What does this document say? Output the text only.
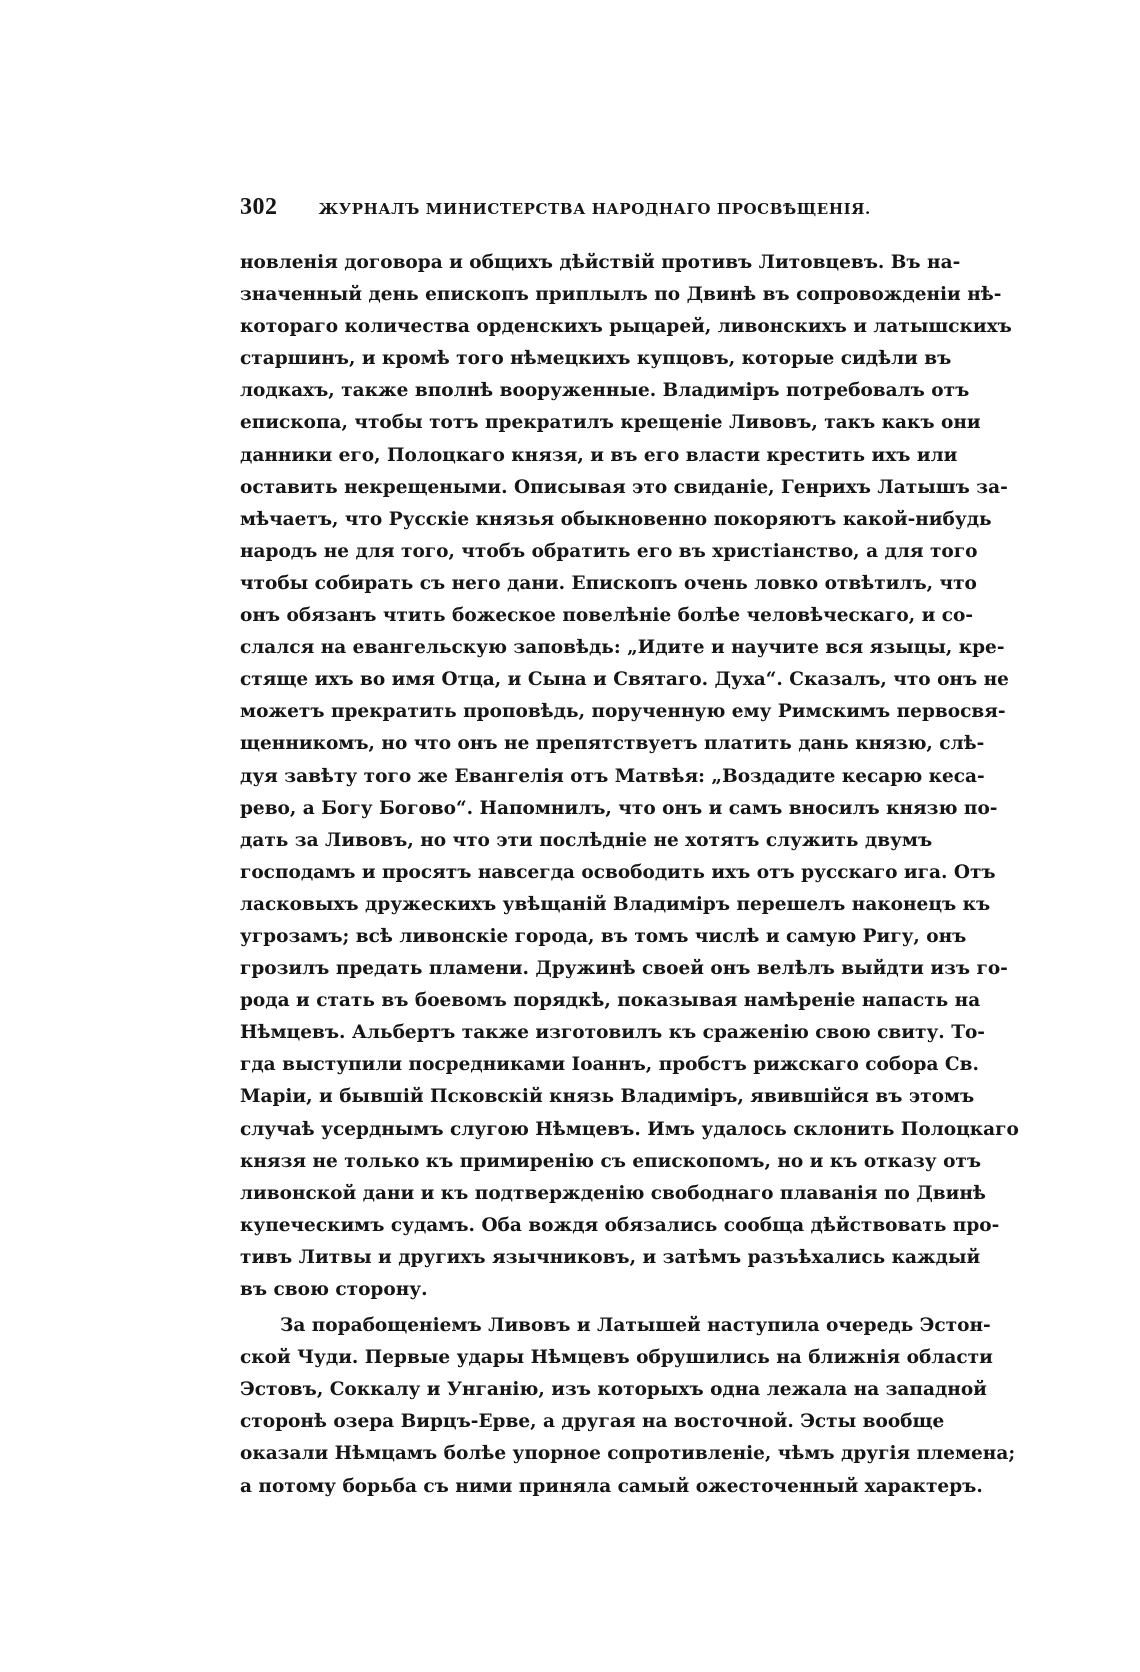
302	ЖУРНАЛЪ МИНИСТЕРСТВА НАРОДНАГО ПРОСВѢЩЕНІЯ.
новленія договора и общихъ дѣйствій противъ Литовцевъ. Въ на-
значенный день епископъ приплылъ по Двинѣ въ сопровожденіи нѣ-
котораго количества орденскихъ рыцарей, ливонскихъ и латышскихъ
старшинъ, и кромѣ того нѣмецкихъ купцовъ, которые сидѣли въ
лодкахъ, также вполнѣ вооруженные. Владиміръ потребовалъ отъ
епископа, чтобы тотъ прекратилъ крещеніе Ливовъ, такъ какъ они
данники его, Полоцкаго князя, и въ его власти крестить ихъ или
оставить некрещеными. Описывая это свиданіе, Генрихъ Латышъ за-
мѣчаетъ, что Русскіе князья обыкновенно покоряютъ какой-нибудь
народъ не для того, чтобъ обратить его въ христіанство, а для того
чтобы собирать съ него дани. Епископъ очень ловко отвѣтилъ, что
онъ обязанъ чтить божеское повелѣніе болѣе человѣческаго, и со-
слался на евангельскую заповѣдь: „Идите и научите вся языцы, кре-
стяще ихъ во имя Отца, и Сына и Святаго. Духа“. Сказалъ, что онъ не
можетъ прекратить проповѣдь, порученную ему Римскимъ первосвя-
щенникомъ, но что онъ не препятствуетъ платить дань князю, слѣ-
дуя завѣту того же Евангелія отъ Матвѣя: „Воздадите кесарю кеса-
рево, а Богу Богово“. Напомнилъ, что онъ и самъ вносилъ князю по-
дать за Ливовъ, но что эти послѣдніе не хотятъ служить двумъ
господамъ и просятъ навсегда освободить ихъ отъ русскаго ига. Отъ
ласковыхъ дружескихъ увѣщаній Владиміръ перешелъ наконецъ къ
угрозамъ; всѣ ливонскіе города, въ томъ числѣ и самую Ригу, онъ
грозилъ предать пламени. Дружинѣ своей онъ велѣлъ выйдти изъ го-
рода и стать въ боевомъ порядкѣ, показывая намѣреніе напасть на
Нѣмцевъ. Альбертъ также изготовилъ къ сраженію свою свиту. То-
гда выступили посредниками Іоаннъ, пробстъ рижскаго собора Св.
Маріи, и бывшій Псковскій князь Владиміръ, явившійся въ этомъ
случаѣ усерднымъ слугою Нѣмцевъ. Имъ удалось склонить Полоцкаго
князя не только къ примиренію съ епископомъ, но и къ отказу отъ
ливонской дани и къ подтвержденію свободнаго плаванія по Двинѣ
купеческимъ судамъ. Оба вождя обязались сообща дѣйствовать про-
тивъ Литвы и другихъ язычниковъ, и затѣмъ разъѣхались каждый
въ свою сторону.
За порабощеніемъ Ливовъ и Латышей наступила очередь Эстон-
ской Чуди. Первые удары Нѣмцевъ обрушились на ближнія области
Эстовъ, Соккалу и Унганію, изъ которыхъ одна лежала на западной
сторонѣ озера Вирцъ-Ерве, а другая на восточной. Эсты вообще
оказали Нѣмцамъ болѣе упорное сопротивленіе, чѣмъ другія племена;
а потому борьба съ ними приняла самый ожесточенный характеръ.
